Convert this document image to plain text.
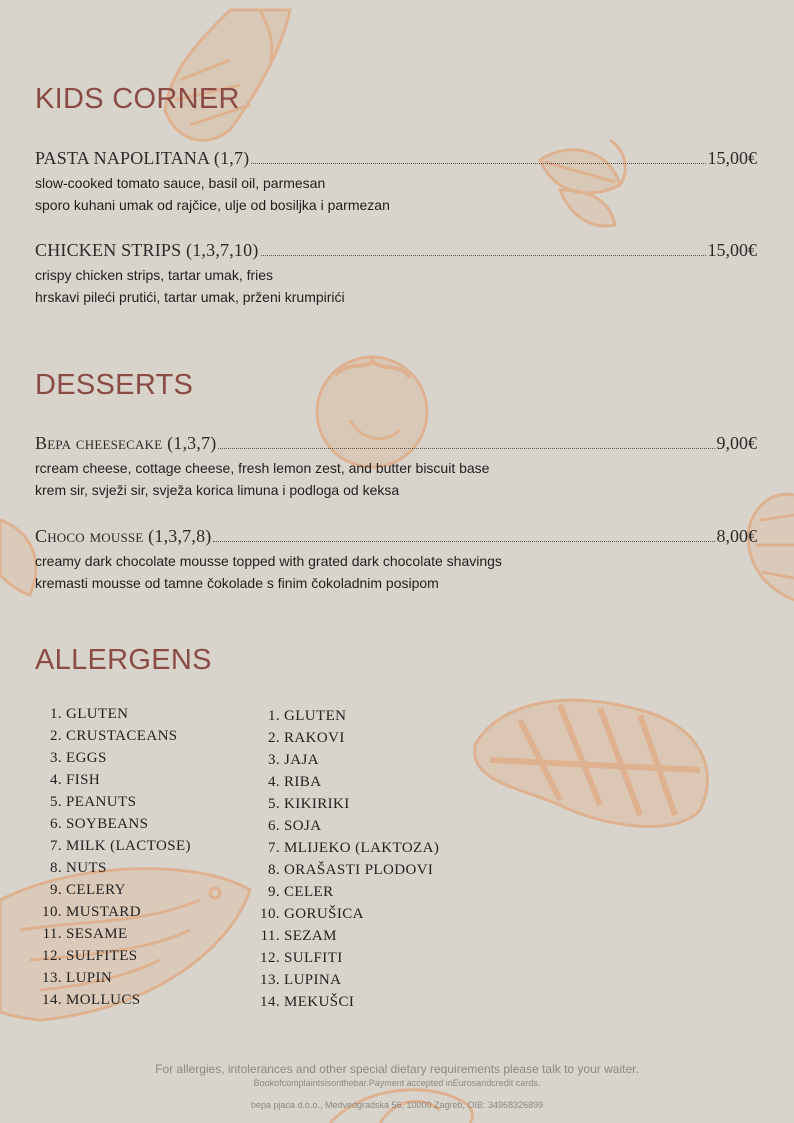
KIDS CORNER
PASTA NAPOLITANA (1,7)	15,00€

slow-cooked tomato sauce, basil oil, parmesan

sporo kuhani umak od rajčice, ulje od bosiljka i parmezan

CHICKEN STRIPS (1,3,7,10)	15,00€

crispy chicken strips, tartar umak, fries

hrskavi pileći prutići, tartar umak, prženi krumpirići

DESSERTS
Bepa cheesecake (1,3,7)	9,00€

rcream cheese, cottage cheese, fresh lemon zest, and butter biscuit base

krem sir, svježi sir, svježa korica limuna i podloga od keksa

Choco mousse (1,3,7,8)	8,00€

creamy dark chocolate mousse topped with grated dark chocolate shavings

kremasti mousse od tamne čokolade s finim čokoladnim posipom

ALLERGENS
1. GLUTEN
2. CRUSTACEANS
3. EGGS
4. FISH
5. PEANUTS
6. SOYBEANS
7. MILK (LACTOSE)
8. NUTS
9. CELERY
10. MUSTARD
11. SESAME
12. SULFITES
13. LUPIN
14. MOLLUCS
1. GLUTEN
2. RAKOVI
3. JAJA
4. RIBA
5. KIKIRIKI
6. SOJA
7. MLIJEKO (LAKTOZA)
8. ORAŠASTI PLODOVI
9. CELER
10. GORUŠICA
11. SEZAM
12. SULFITI
13. LUPINA
14. MEKUŠCI
For allergies, intolerances and other special dietary requirements please talk to your waiter.
Bookofcomplaintsisonthebar.Payment accepted inEurosandcredit cards.
bepa pjaca d.o.o., Medvedgradska 56, 10000 Zagreb, OIB: 34968326899
